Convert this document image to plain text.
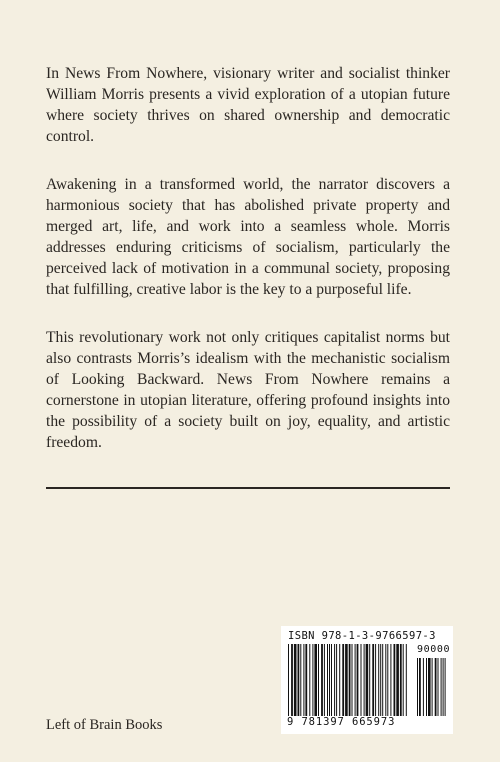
In News From Nowhere, visionary writer and socialist thinker William Morris presents a vivid exploration of a utopian future where society thrives on shared ownership and democratic control.

Awakening in a transformed world, the narrator discovers a harmonious society that has abolished private property and merged art, life, and work into a seamless whole. Morris addresses enduring criticisms of socialism, particularly the perceived lack of motivation in a communal society, proposing that fulfilling, creative labor is the key to a purposeful life.

This revolutionary work not only critiques capitalist norms but also contrasts Morris’s idealism with the mechanistic socialism of Looking Backward. News From Nowhere remains a cornerstone in utopian literature, offering profound insights into the possibility of a society built on joy, equality, and artistic freedom.

Left of Brain Books
ISBN 978-1-3-9766597-3
90000
9 781397 665973
